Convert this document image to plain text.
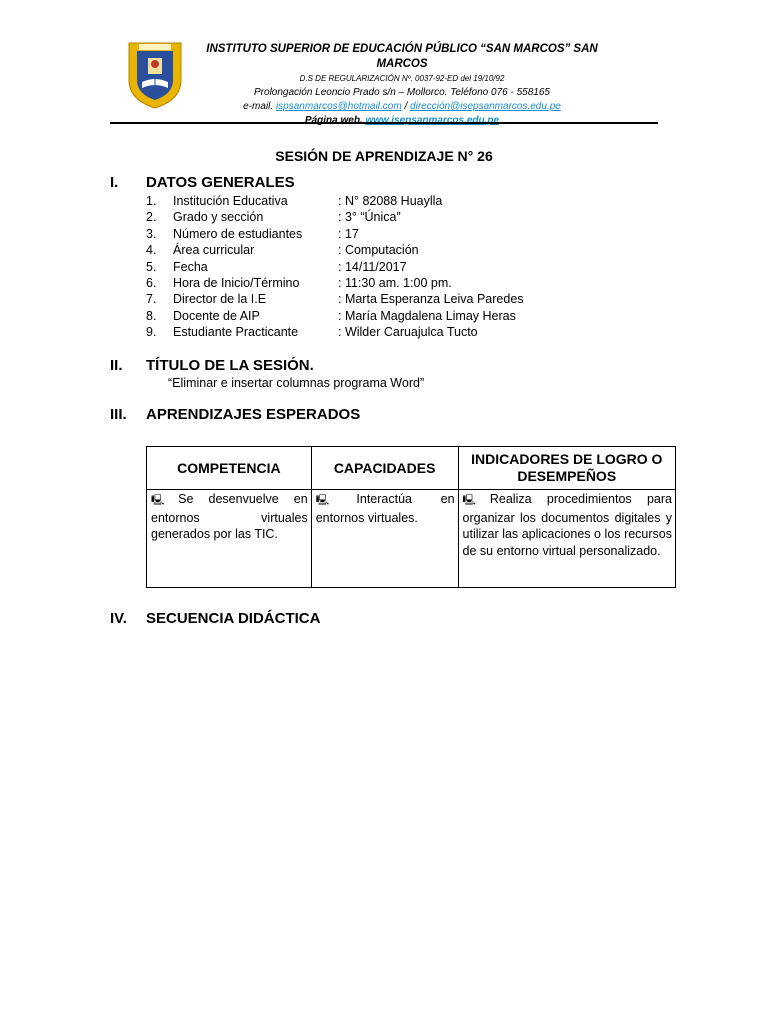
INSTITUTO SUPERIOR DE EDUCACIÓN PÚBLICO “SAN MARCOS” SAN MARCOS
D.S DE REGULARIZACIÓN Nº. 0037-92-ED del 19/10/92
Prolongación Leoncio Prado s/n – Mollorco. Teléfono 076 - 558165
e-mail. ispsanmarcos@hotmail.com / dirección@isepsanmarcos.edu.pe
Página web. www.isepsanmarcos.edu.pe
SESIÓN DE APRENDIZAJE N° 26
I. DATOS GENERALES
1.	Institución Educativa	: N° 82088 Huaylla
2.	Grado y sección	: 3° “Única”
3.	Número de estudiantes	: 17
4.	Área curricular	: Computación
5.	Fecha	: 14/11/2017
6.	Hora de Inicio/Término	: 11:30 am. 1:00 pm.
7.	Director de la I.E	: Marta Esperanza Leiva Paredes
8.	Docente de AIP	: María Magdalena Limay Heras
9.	Estudiante Practicante	: Wilder Caruajulca Tucto
II. TÍTULO DE LA SESIÓN.
“Eliminar e insertar columnas programa Word”
III. APRENDIZAJES ESPERADOS
COMPETENCIA	CAPACIDADES	INDICADORES DE LOGRO O DESEMPEÑOS
🖳︎ Se desenvuelve en entornos virtuales generados por las TIC.	🖳︎ Interactúa en entornos virtuales.	🖳︎ Realiza procedimientos para organizar los documentos digitales y utilizar las aplicaciones o los recursos de su entorno virtual personalizado.
IV. SECUENCIA DIDÁCTICA
